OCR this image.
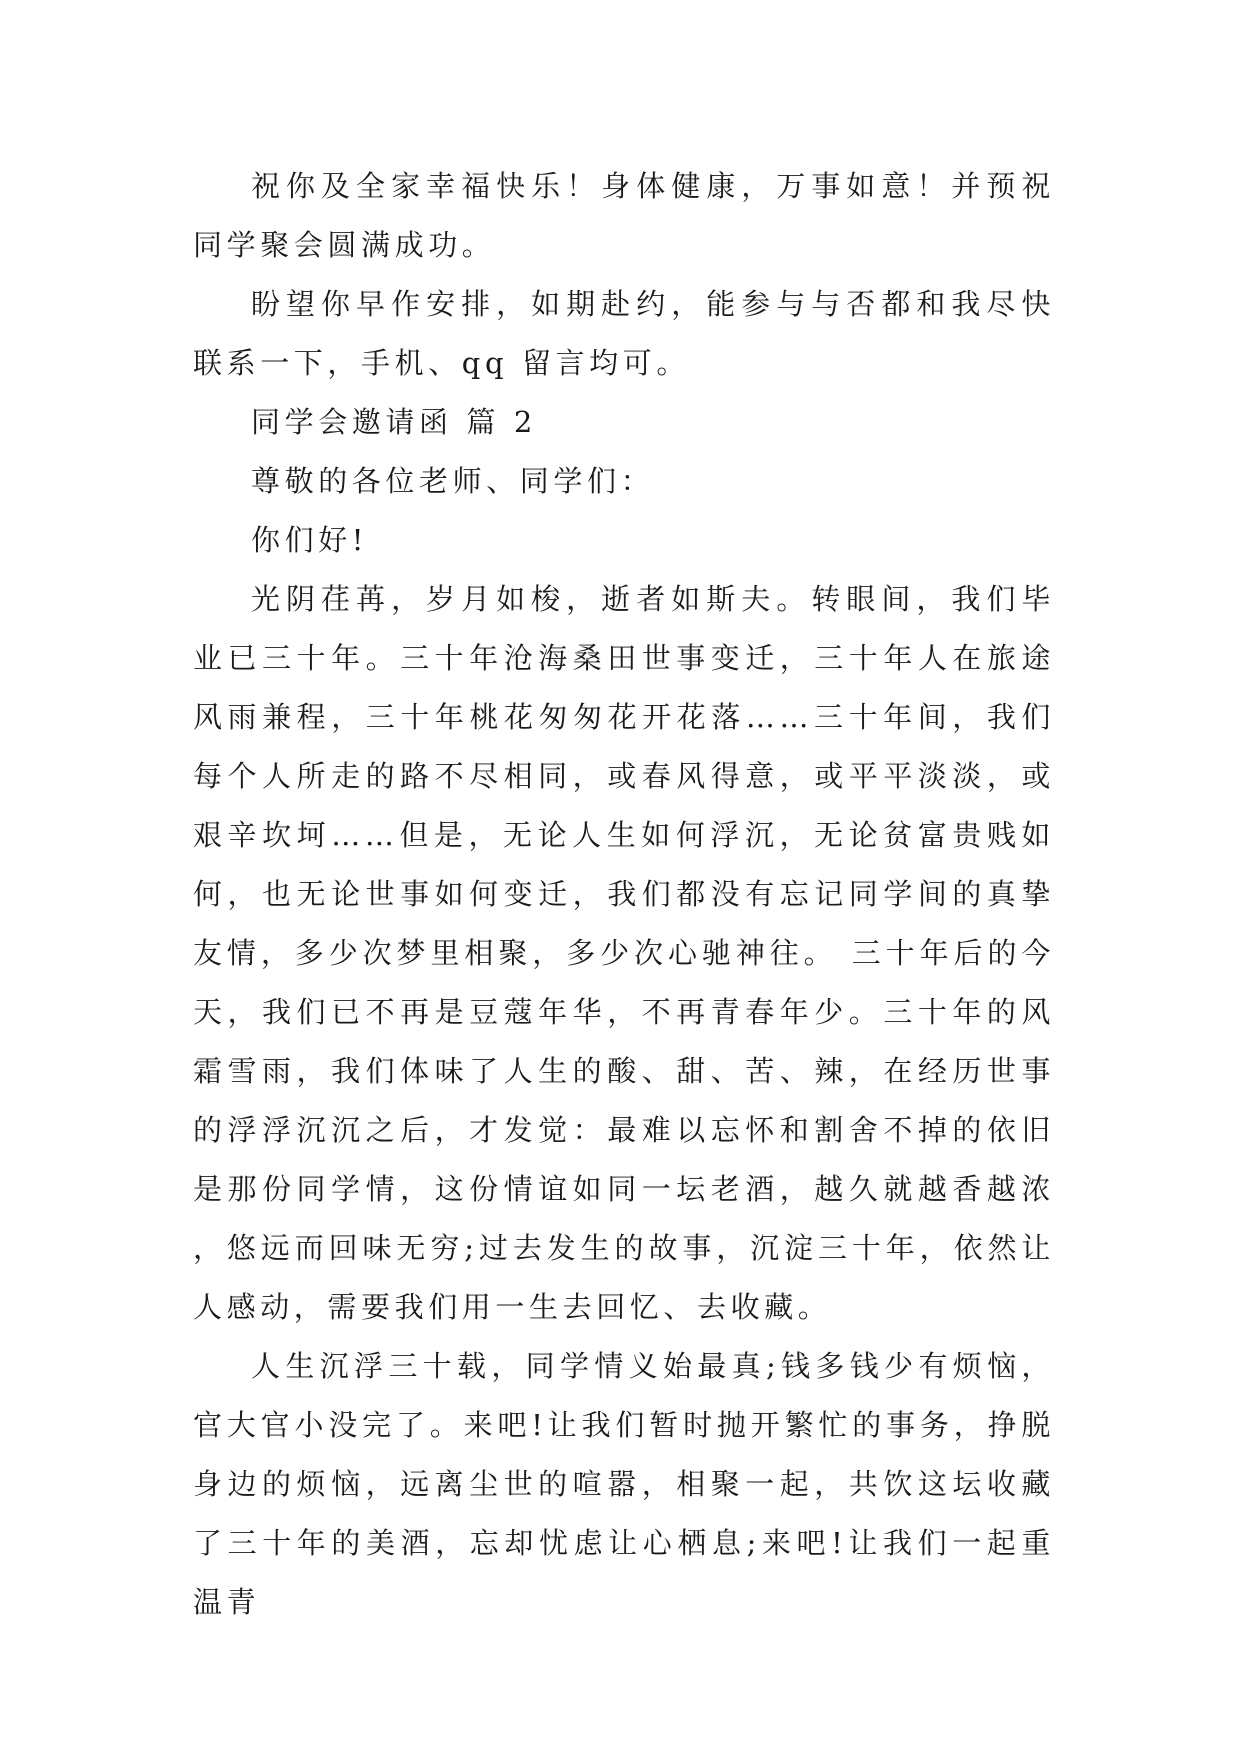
祝你及全家幸福快乐！身体健康，万事如意！并预祝同学聚会圆满成功。

盼望你早作安排，如期赴约，能参与与否都和我尽快联系一下，手机、qq 留言均可。

同学会邀请函 篇 2

尊敬的各位老师、同学们：

你们好!

光阴荏苒，岁月如梭，逝者如斯夫。转眼间，我们毕业已三十年。三十年沧海桑田世事变迁，三十年人在旅途风雨兼程，三十年桃花匆匆花开花落……三十年间，我们每个人所走的路不尽相同，或春风得意，或平平淡淡，或艰辛坎坷……但是，无论人生如何浮沉，无论贫富贵贱如何，也无论世事如何变迁，我们都没有忘记同学间的真挚友情，多少次梦里相聚，多少次心驰神往。 三十年后的今天，我们已不再是豆蔻年华，不再青春年少。三十年的风霜雪雨，我们体味了人生的酸、甜、苦、辣，在经历世事的浮浮沉沉之后，才发觉：最难以忘怀和割舍不掉的依旧是那份同学情，这份情谊如同一坛老酒，越久就越香越浓，悠远而回味无穷;过去发生的故事，沉淀三十年，依然让人感动，需要我们用一生去回忆、去收藏。

人生沉浮三十载，同学情义始最真;钱多钱少有烦恼，官大官小没完了。来吧!让我们暂时抛开繁忙的事务，挣脱身边的烦恼，远离尘世的喧嚣，相聚一起，共饮这坛收藏了三十年的美酒，忘却忧虑让心栖息;来吧!让我们一起重温青
